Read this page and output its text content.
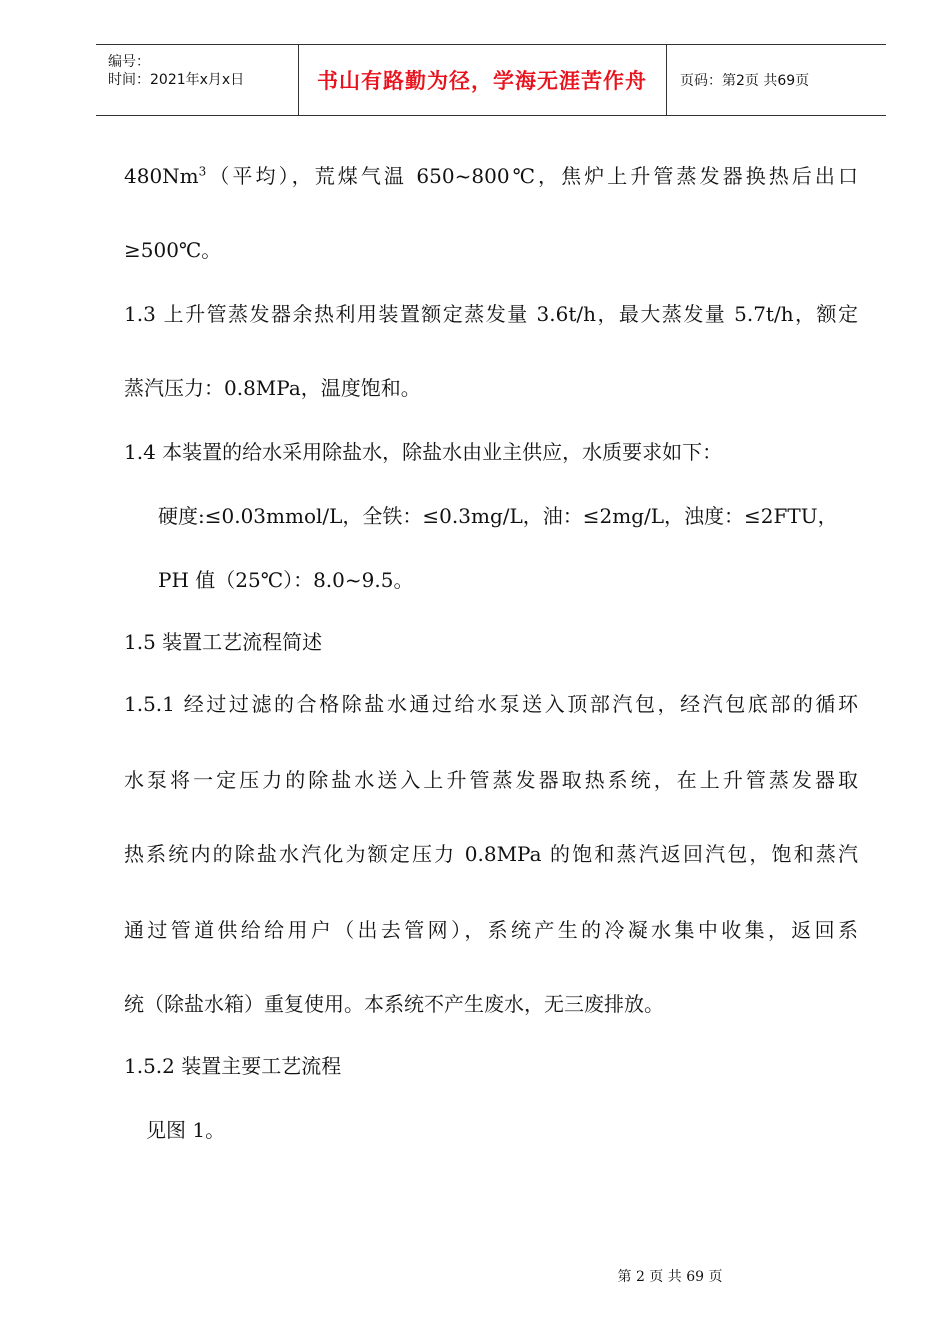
编号：
时间：2021年x月x日	书山有路勤为径，学海无涯苦作舟	页码：第2页 共69页
480Nm$^3$（平均），荒煤气温 650~800℃，焦炉上升管蒸发器换热后出口
≥500℃。
1.3 上升管蒸发器余热利用装置额定蒸发量 3.6t/h，最大蒸发量 5.7t/h，额定
蒸汽压力：0.8MPa，温度饱和。
1.4 本装置的给水采用除盐水，除盐水由业主供应，水质要求如下：
硬度:≤0.03mmol/L，全铁：≤0.3mg/L，油：≤2mg/L，浊度：≤2FTU，
PH 值（25℃）：8.0~9.5。
1.5 装置工艺流程简述
1.5.1 经过过滤的合格除盐水通过给水泵送入顶部汽包，经汽包底部的循环
水泵将一定压力的除盐水送入上升管蒸发器取热系统，在上升管蒸发器取
热系统内的除盐水汽化为额定压力 0.8MPa 的饱和蒸汽返回汽包，饱和蒸汽
通过管道供给给用户（出去管网），系统产生的冷凝水集中收集，返回系
统（除盐水箱）重复使用。本系统不产生废水，无三废排放。
1.5.2 装置主要工艺流程
见图 1。
第 2 页 共 69 页
